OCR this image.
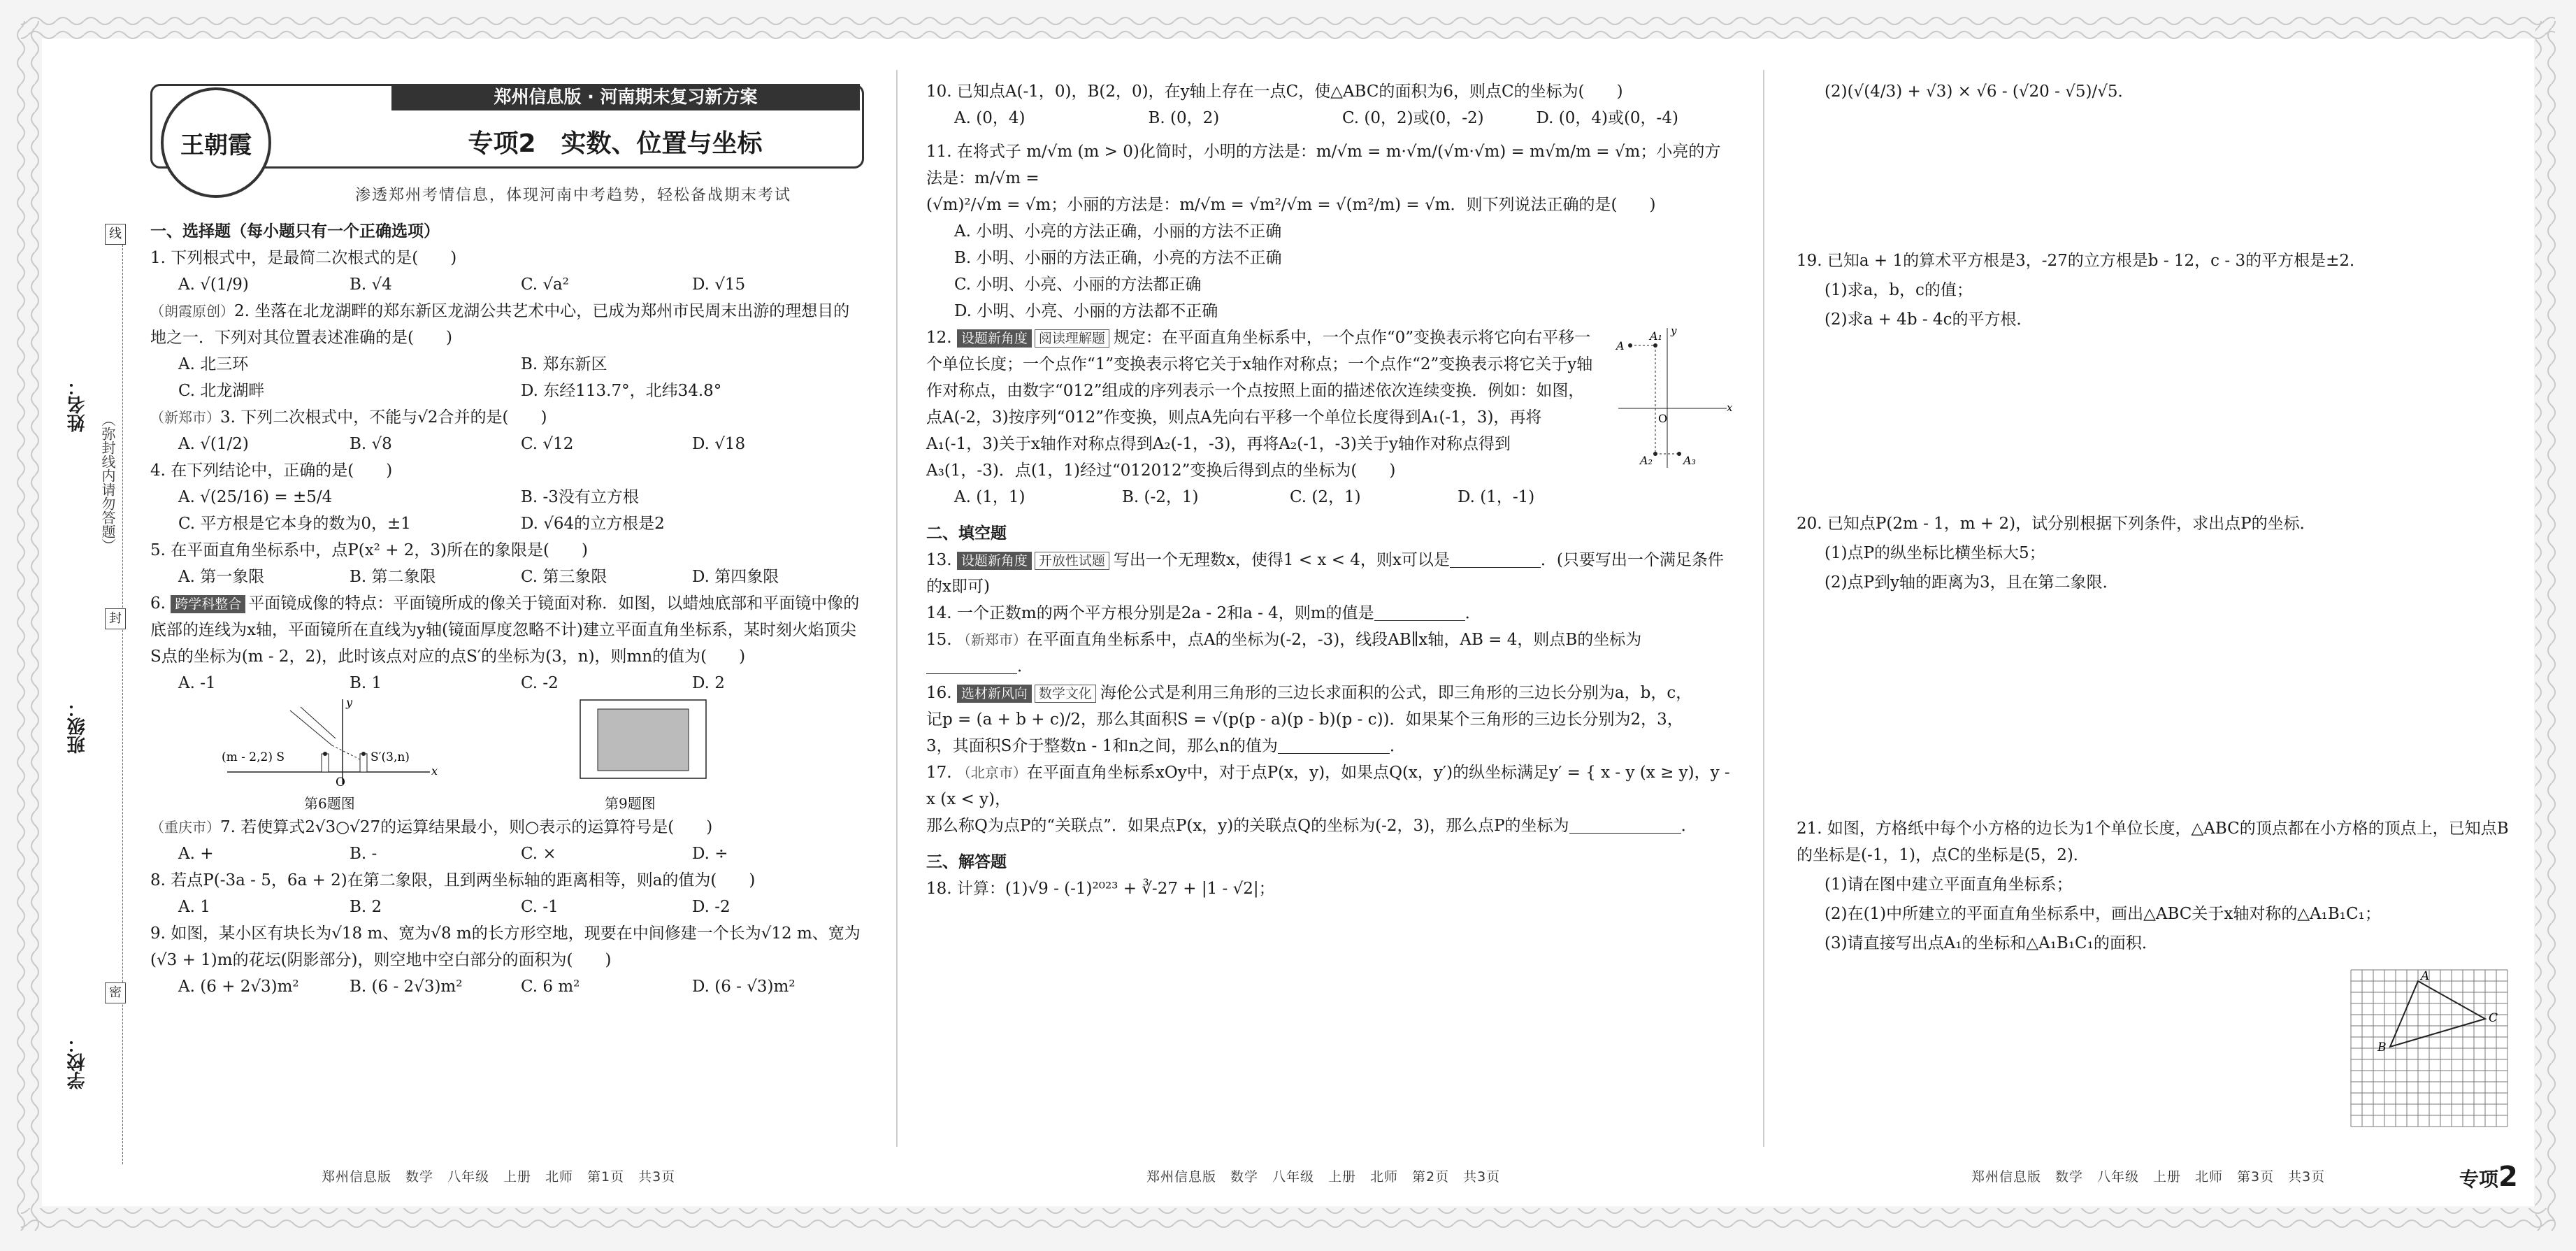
郑州信息版 · 河南期末复习新方案
王朝霞	专项2　实数、位置与坐标
渗透郑州考情信息，体现河南中考趋势，轻松备战期末考试
姓名：
班级：
学校：
（弥封线内请勿答题）
线
封
密

一、选择题（每小题只有一个正确选项）

1. 下列根式中，是最简二次根式的是(　　)

A. √(1/9)	B. √4	C. √a²	D. √15

（朗霞原创）2. 坐落在北龙湖畔的郑东新区龙湖公共艺术中心，已成为郑州市民周末出游的理想目的地之一．下列对其位置表述准确的是(　　)

A. 北三环	B. 郑东新区
C. 北龙湖畔	D. 东经113.7°，北纬34.8°

（新郑市）3. 下列二次根式中，不能与√2合并的是(　　)

A. √(1/2)	B. √8	C. √12	D. √18

4. 在下列结论中，正确的是(　　)

A. √(25/16) = ±5/4	B. -3没有立方根
C. 平方根是它本身的数为0，±1	D. √64的立方根是2

5. 在平面直角坐标系中，点P(x² + 2，3)所在的象限是(　　)

A. 第一象限	B. 第二象限	C. 第三象限	D. 第四象限

6. 跨学科整合 平面镜成像的特点：平面镜所成的像关于镜面对称．如图，以蜡烛底部和平面镜中像的底部的连线为x轴，平面镜所在直线为y轴(镜面厚度忽略不计)建立平面直角坐标系，某时刻火焰顶尖S点的坐标为(m - 2，2)，此时该点对应的点S′的坐标为(3，n)，则mn的值为(　　)

A. -1	B. 1	C. -2	D. 2
(m - 2,2) S	S′(3,n)
O
x
y
第6题图	第9题图

（重庆市）7. 若使算式2√3○√27的运算结果最小，则○表示的运算符号是(　　)

A. +	B. -	C. ×	D. ÷

8. 若点P(-3a - 5，6a + 2)在第二象限，且到两坐标轴的距离相等，则a的值为(　　)

A. 1	B. 2	C. -1	D. -2

9. 如图，某小区有块长为√18 m、宽为√8 m的长方形空地，现要在中间修建一个长为√12 m、宽为(√3 + 1)m的花坛(阴影部分)，则空地中空白部分的面积为(　　)

A. (6 + 2√3)m²	B. (6 - 2√3)m²	C. 6 m²	D. (6 - √3)m²

10. 已知点A(-1，0)，B(2，0)，在y轴上存在一点C，使△ABC的面积为6，则点C的坐标为(　　)

A. (0，4)	B. (0，2)	C. (0，2)或(0，-2)	D. (0，4)或(0，-4)

11. 在将式子 m/√m (m > 0)化简时，小明的方法是：m/√m = m·√m/(√m·√m) = m√m/m = √m；小亮的方法是：m/√m =

(√m)²/√m = √m；小丽的方法是：m/√m = √m²/√m = √(m²/m) = √m．则下列说法正确的是(　　)

A. 小明、小亮的方法正确，小丽的方法不正确

B. 小明、小丽的方法正确，小亮的方法不正确

C. 小明、小亮、小丽的方法都正确

D. 小明、小亮、小丽的方法都不正确

12. 设题新角度 阅读理解题 规定：在平面直角坐标系中，一个点作“0”变换表示将它向右平移一个单位长度；一个点作“1”变换表示将它关于x轴作对称点；一个点作“2”变换表示将它关于y轴作对称点，由数字“012”组成的序列表示一个点按照上面的描述依次连续变换．例如：如图，点A(-2，3)按序列“012”作变换，则点A先向右平移一个单位长度得到A₁(-1，3)，再将A₁(-1，3)关于x轴作对称点得到A₂(-1，-3)，再将A₂(-1，-3)关于y轴作对称点得到A₃(1，-3)．点(1，1)经过“012012”变换后得到点的坐标为(　　)

A
A₁
A₂	A₃
O
x
y
A. (1，1)	B. (-2，1)	C. (2，1)	D. (1，-1)

二、填空题

13. 设题新角度 开放性试题 写出一个无理数x，使得1 < x < 4，则x可以是	．(只要写出一个满足条件的x即可)

14. 一个正数m的两个平方根分别是2a - 2和a - 4，则m的值是	．

15. （新郑市）在平面直角坐标系中，点A的坐标为(-2，-3)，线段AB∥x轴，AB = 4，则点B的坐标为．

16. 选材新风向 数学文化 海伦公式是利用三角形的三边长求面积的公式，即三角形的三边长分别为a，b，c，

记p = (a + b + c)/2，那么其面积S = √(p(p - a)(p - b)(p - c))．如果某个三角形的三边长分别为2，3，

3，其面积S介于整数n - 1和n之间，那么n的值为	．

17. （北京市）在平面直角坐标系xOy中，对于点P(x，y)，如果点Q(x，y′)的纵坐标满足y′ = { x - y (x ≥ y)，y - x (x < y)，

那么称Q为点P的“关联点”．如果点P(x，y)的关联点Q的坐标为(-2，3)，那么点P的坐标为	．

三、解答题

18. 计算：(1)√9 - (-1)²⁰²³ + ∛-27 + |1 - √2|；

(2)(√(4/3) + √3) × √6 - (√20 - √5)/√5．

19. 已知a + 1的算术平方根是3，-27的立方根是b - 12，c - 3的平方根是±2．

(1)求a，b，c的值；

(2)求a + 4b - 4c的平方根．

20. 已知点P(2m - 1，m + 2)，试分别根据下列条件，求出点P的坐标．

(1)点P的纵坐标比横坐标大5；

(2)点P到y轴的距离为3，且在第二象限．

21. 如图，方格纸中每个小方格的边长为1个单位长度，△ABC的顶点都在小方格的顶点上，已知点B的坐标是(-1，1)，点C的坐标是(5，2)．

(1)请在图中建立平面直角坐标系；

(2)在(1)中所建立的平面直角坐标系中，画出△ABC关于x轴对称的△A₁B₁C₁；

(3)请直接写出点A₁的坐标和△A₁B₁C₁的面积．

A
B
C
郑州信息版　数学　八年级　上册　北师　第1页　共3页	郑州信息版　数学　八年级　上册　北师　第2页　共3页	郑州信息版　数学　八年级　上册　北师　第3页　共3页	专项2
